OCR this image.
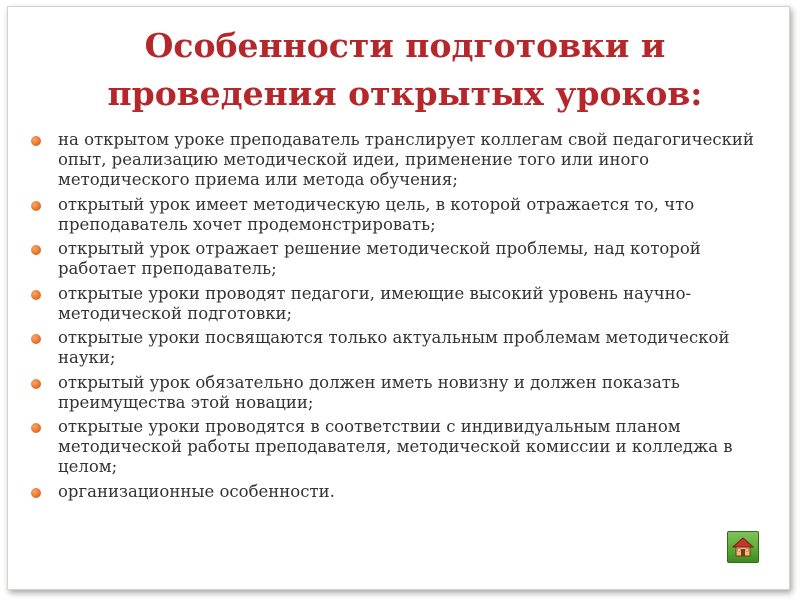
Особенности подготовки и проведения открытых уроков:
на открытом уроке преподаватель транслирует коллегам свой педагогический опыт, реализацию методической идеи, применение того или иного методического приема или метода обучения;
открытый урок имеет методическую цель, в которой отражается то, что преподаватель хочет продемонстрировать;
открытый урок отражает решение методической проблемы, над которой работает преподаватель;
открытые уроки проводят педагоги, имеющие высокий уровень научно-методической подготовки;
открытые уроки посвящаются только актуальным проблемам методической науки;
открытый урок обязательно должен иметь новизну и должен показать преимущества этой новации;
открытые уроки проводятся в соответствии с индивидуальным планом методической работы преподавателя, методической комиссии и колледжа в целом;
организационные особенности.
